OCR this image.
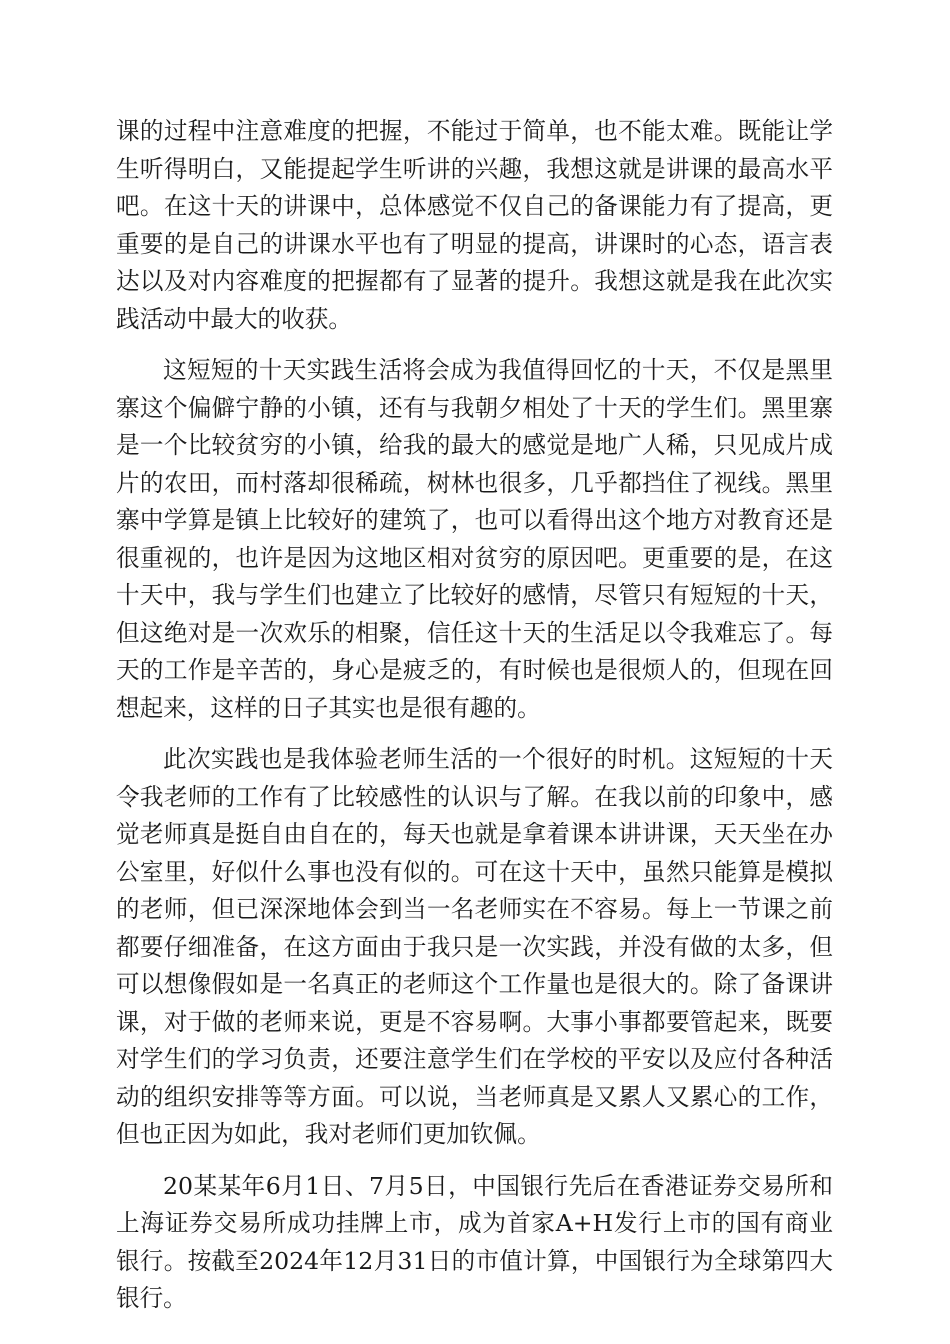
课的过程中注意难度的把握，不能过于简单，也不能太难。既能让学生听得明白，又能提起学生听讲的兴趣，我想这就是讲课的最高水平吧。在这十天的讲课中，总体感觉不仅自己的备课能力有了提高，更重要的是自己的讲课水平也有了明显的提高，讲课时的心态，语言表达以及对内容难度的把握都有了显著的提升。我想这就是我在此次实践活动中最大的收获。

这短短的十天实践生活将会成为我值得回忆的十天，不仅是黑里寨这个偏僻宁静的小镇，还有与我朝夕相处了十天的学生们。黑里寨是一个比较贫穷的小镇，给我的最大的感觉是地广人稀，只见成片成片的农田，而村落却很稀疏，树林也很多，几乎都挡住了视线。黑里寨中学算是镇上比较好的建筑了，也可以看得出这个地方对教育还是很重视的，也许是因为这地区相对贫穷的原因吧。更重要的是，在这十天中，我与学生们也建立了比较好的感情，尽管只有短短的十天，但这绝对是一次欢乐的相聚，信任这十天的生活足以令我难忘了。每天的工作是辛苦的，身心是疲乏的，有时候也是很烦人的，但现在回想起来，这样的日子其实也是很有趣的。

此次实践也是我体验老师生活的一个很好的时机。这短短的十天令我老师的工作有了比较感性的认识与了解。在我以前的印象中，感觉老师真是挺自由自在的，每天也就是拿着课本讲讲课，天天坐在办公室里，好似什么事也没有似的。可在这十天中，虽然只能算是模拟的老师，但已深深地体会到当一名老师实在不容易。每上一节课之前都要仔细准备，在这方面由于我只是一次实践，并没有做的太多，但可以想像假如是一名真正的老师这个工作量也是很大的。除了备课讲课，对于做的老师来说，更是不容易啊。大事小事都要管起来，既要对学生们的学习负责，还要注意学生们在学校的平安以及应付各种活动的组织安排等等方面。可以说，当老师真是又累人又累心的工作，但也正因为如此，我对老师们更加钦佩。

20某某年6月1日、7月5日，中国银行先后在香港证券交易所和上海证券交易所成功挂牌上市，成为首家A+H发行上市的国有商业银行。按截至2024年12月31日的市值计算，中国银行为全球第四大银行。
